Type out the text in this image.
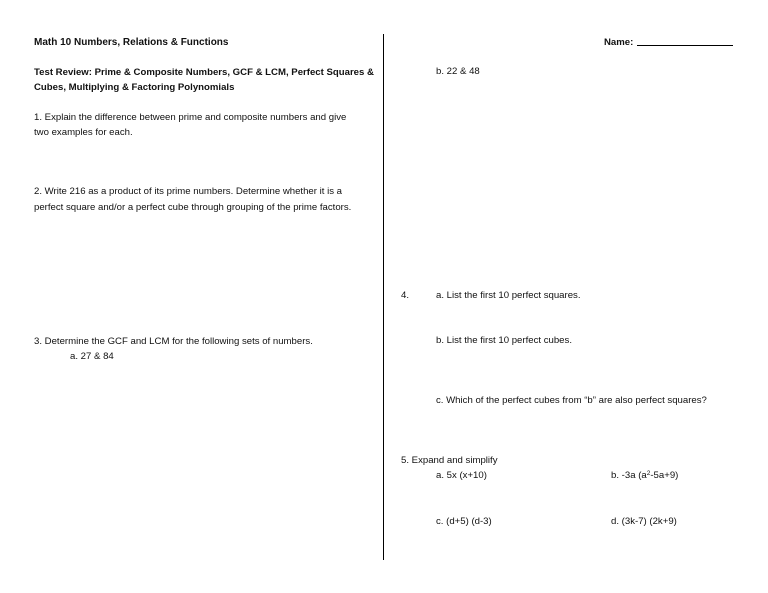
Math 10 Numbers, Relations & Functions
Test Review: Prime & Composite Numbers, GCF & LCM, Perfect Squares &
Cubes, Multiplying & Factoring Polynomials
1. Explain the difference between prime and composite numbers and give
two examples for each.
2. Write 216 as a product of its prime numbers. Determine whether it is a
perfect square and/or a perfect cube through grouping of the prime factors.
3. Determine the GCF and LCM for the following sets of numbers.
a. 27 & 84
Name:
b. 22 & 48
4.	a. List the first 10 perfect squares.
b. List the first 10 perfect cubes.
c. Which of the perfect cubes from “b” are also perfect squares?
5. Expand and simplify
a. 5x (x+10)	b. -3a $(a^2-5a+9)$
c. (d+5) (d-3)	d. (3k-7) (2k+9)
